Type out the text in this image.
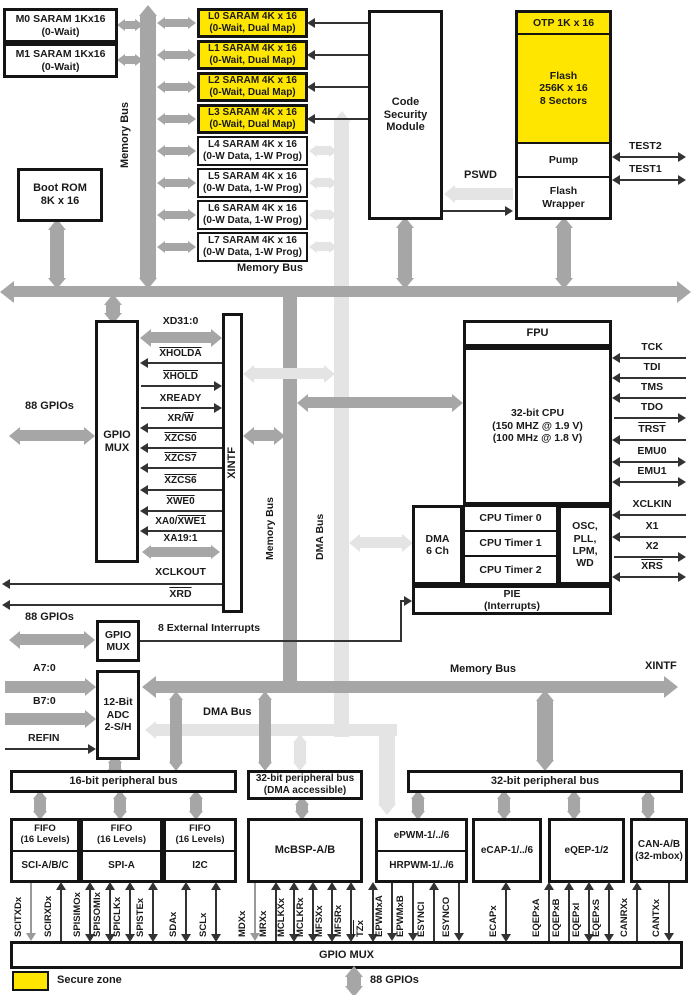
PSWD
TEST2
TEST1
Memory Bus
Memory Bus
Memory Bus	DMA Bus
XD31:0
XHOLDA
XHOLD
XREADY
$XR/\overline{W}$
XZCS0
XZCS7
XZCS6
XWE0
XA0/XWE1
XA19:1
XCLKOUT
$\overline{XRD}$
88 GPIOs
88 GPIOs
8 External Interrupts
TCK
TDI
TMS
TDO
TRST
EMU0
EMU1
XCLKIN
X1
X2
$\overline{XRS}$
A7:0
B7:0
REFIN
Memory Bus	XINTF
DMA Bus
M0 SARAM 1Kx16
(0-Wait)
M1 SARAM 1Kx16
(0-Wait)
L0 SARAM 4K x 16
(0-Wait, Dual Map)
L1 SARAM 4K x 16
(0-Wait, Dual Map)
L2 SARAM 4K x 16
(0-Wait, Dual Map)
L3 SARAM 4K x 16
(0-Wait, Dual Map)
L4 SARAM 4K x 16
(0-W Data, 1-W Prog)
L5 SARAM 4K x 16
(0-W Data, 1-W Prog)
L6 SARAM 4K x 16
(0-W Data, 1-W Prog)
L7 SARAM 4K x 16
(0-W Data, 1-W Prog)
Code
Security
Module
OTP 1K x 16
Flash
256K x 16
8 Sectors
Pump
Flash
Wrapper
Boot ROM
8K x 16
GPIO
MUX	XINTF
GPIO
MUX
12-Bit
ADC
2-S/H
FPU
32-bit CPU
(150 MHZ @ 1.9 V)
(100 MHz @ 1.8 V)
DMA
6 Ch
CPU Timer 0
CPU Timer 1
CPU Timer 2
OSC,
PLL,
LPM,
WD
PIE
(Interrupts)
16-bit peripheral bus	32-bit peripheral bus
(DMA accessible)
32-bit peripheral bus
FIFO
(16 Levels)
SCI-A/B/C
FIFO
(16 Levels)
SPI-A
FIFO
(16 Levels)
I2C
McBSP-A/B
ePWM-1/../6
HRPWM-1/../6
eCAP-1/../6	eQEP-1/2
CAN-A/B
(32-mbox)
SCITXDx	SCIRXDx	SPISIMOx SPISOMIx SPICLKx	SPISTEx	SDAx	SCLx	MDXx	MRXx MCLKXx MCLKRx MFSXx MFSRx	TZx EPWMxA	EPWMxB	ESYNCI	ESYNCO	ECAPx	EQEPxA EQEPxB EQEPxI EQEPxS	CANRXx	CANTXx
GPIO MUX
88 GPIOs
Secure zone
